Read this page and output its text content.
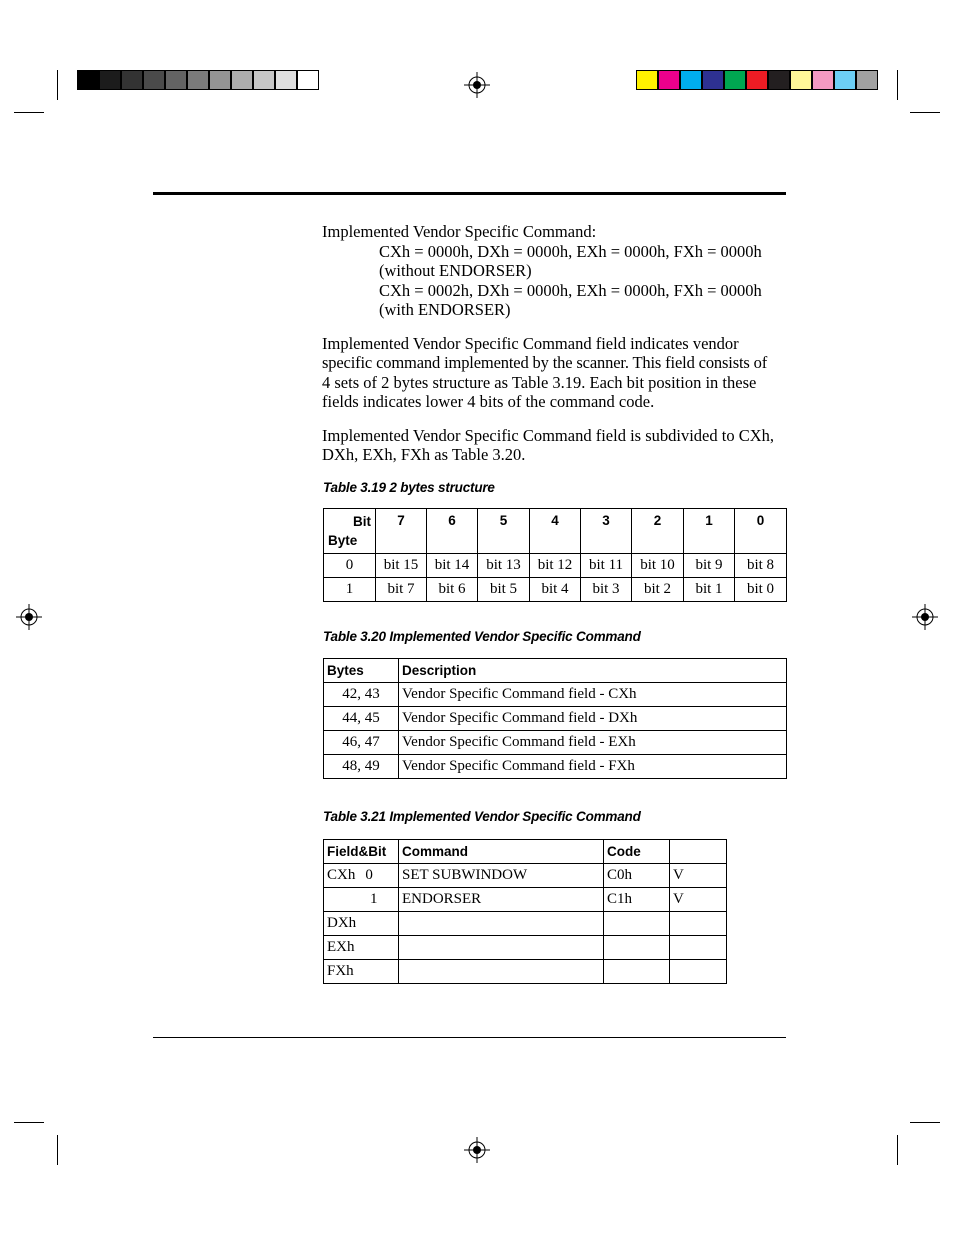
Implemented Vendor Specific Command:
CXh = 0000h, DXh = 0000h, EXh = 0000h, FXh = 0000h
(without ENDORSER)
CXh = 0002h, DXh = 0000h, EXh = 0000h, FXh = 0000h
(with ENDORSER)
Implemented Vendor Specific Command field indicates vendor
specific command implemented by the scanner. This field consists of
4 sets of 2 bytes structure as Table 3.19. Each bit position in these
fields indicates lower 4 bits of the command code.
Implemented Vendor Specific Command field is subdivided to CXh,
DXh, EXh, FXh as Table 3.20.
Table 3.19 2 bytes structure
Bit
Byte	7	6	5	4	3	2	1	0
0	bit 15	bit 14	bit 13	bit 12	bit 11	bit 10	bit 9	bit 8
1	bit 7	bit 6	bit 5	bit 4	bit 3	bit 2	bit 1	bit 0
Table 3.20 Implemented Vendor Specific Command
Bytes	Description
42, 43	Vendor Specific Command field - CXh
44, 45	Vendor Specific Command field - DXh
46, 47	Vendor Specific Command field - EXh
48, 49	Vendor Specific Command field - FXh
Table 3.21 Implemented Vendor Specific Command
Field&Bit	Command	Code	
CXh 0	SET SUBWINDOW	C0h	V
1	ENDORSER	C1h	V
DXh			
EXh			
FXh			
